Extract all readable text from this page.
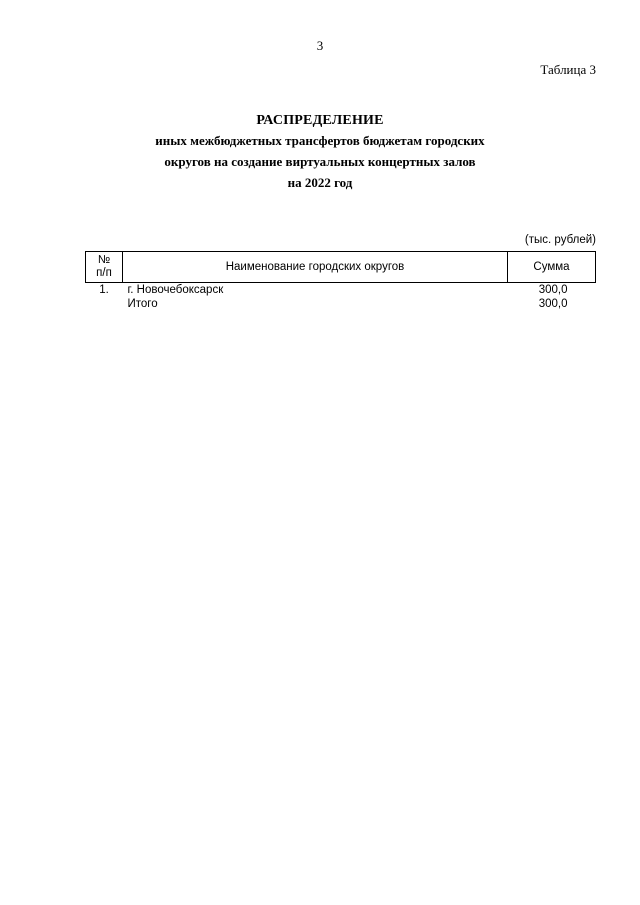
3
Таблица 3
РАСПРЕДЕЛЕНИЕ
иных межбюджетных трансфертов бюджетам городских
округов на создание виртуальных концертных залов
на 2022 год
(тыс. рублей)
№
п/п	Наименование городских округов	Сумма
1.	г. Новочебоксарск	300,0
	Итого	300,0
